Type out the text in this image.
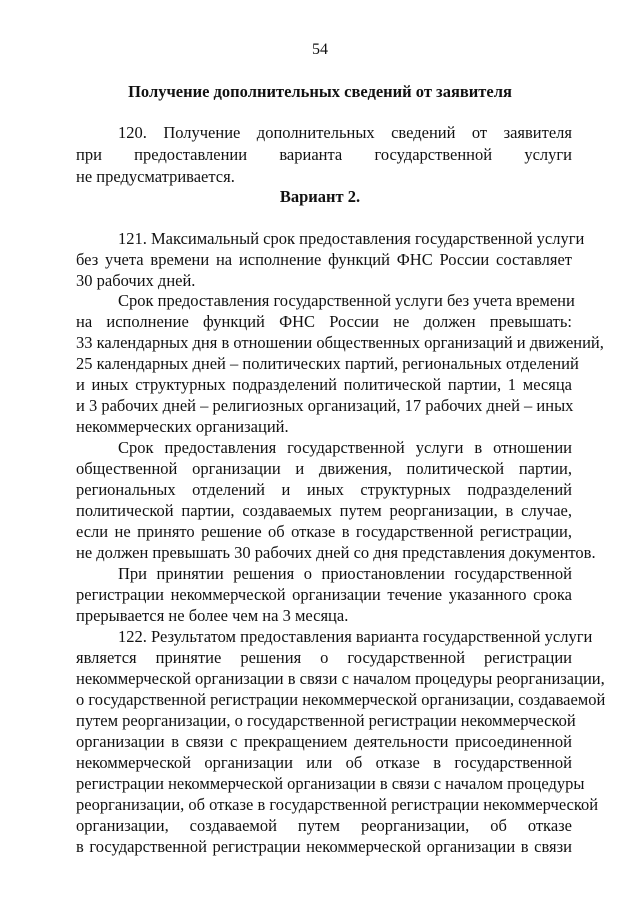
54
Получение дополнительных сведений от заявителя
120. Получение дополнительных сведений от заявителя
при предоставлении варианта государственной услуги
не предусматривается.
Вариант 2.
121. Максимальный срок предоставления государственной услуги
без учета времени на исполнение функций ФНС России составляет
30 рабочих дней.
Срок предоставления государственной услуги без учета времени
на исполнение функций ФНС России не должен превышать:
33 календарных дня в отношении общественных организаций и движений,
25 календарных дней – политических партий, региональных отделений
и иных структурных подразделений политической партии, 1 месяца
и 3 рабочих дней – религиозных организаций, 17 рабочих дней – иных
некоммерческих организаций.
Срок предоставления государственной услуги в отношении
общественной организации и движения, политической партии,
региональных отделений и иных структурных подразделений
политической партии, создаваемых путем реорганизации, в случае,
если не принято решение об отказе в государственной регистрации,
не должен превышать 30 рабочих дней со дня представления документов.
При принятии решения о приостановлении государственной
регистрации некоммерческой организации течение указанного срока
прерывается не более чем на 3 месяца.
122. Результатом предоставления варианта государственной услуги
является принятие решения о государственной регистрации
некоммерческой организации в связи с началом процедуры реорганизации,
о государственной регистрации некоммерческой организации, создаваемой
путем реорганизации, о государственной регистрации некоммерческой
организации в связи с прекращением деятельности присоединенной
некоммерческой организации или об отказе в государственной
регистрации некоммерческой организации в связи с началом процедуры
реорганизации, об отказе в государственной регистрации некоммерческой
организации, создаваемой путем реорганизации, об отказе
в государственной регистрации некоммерческой организации в связи
